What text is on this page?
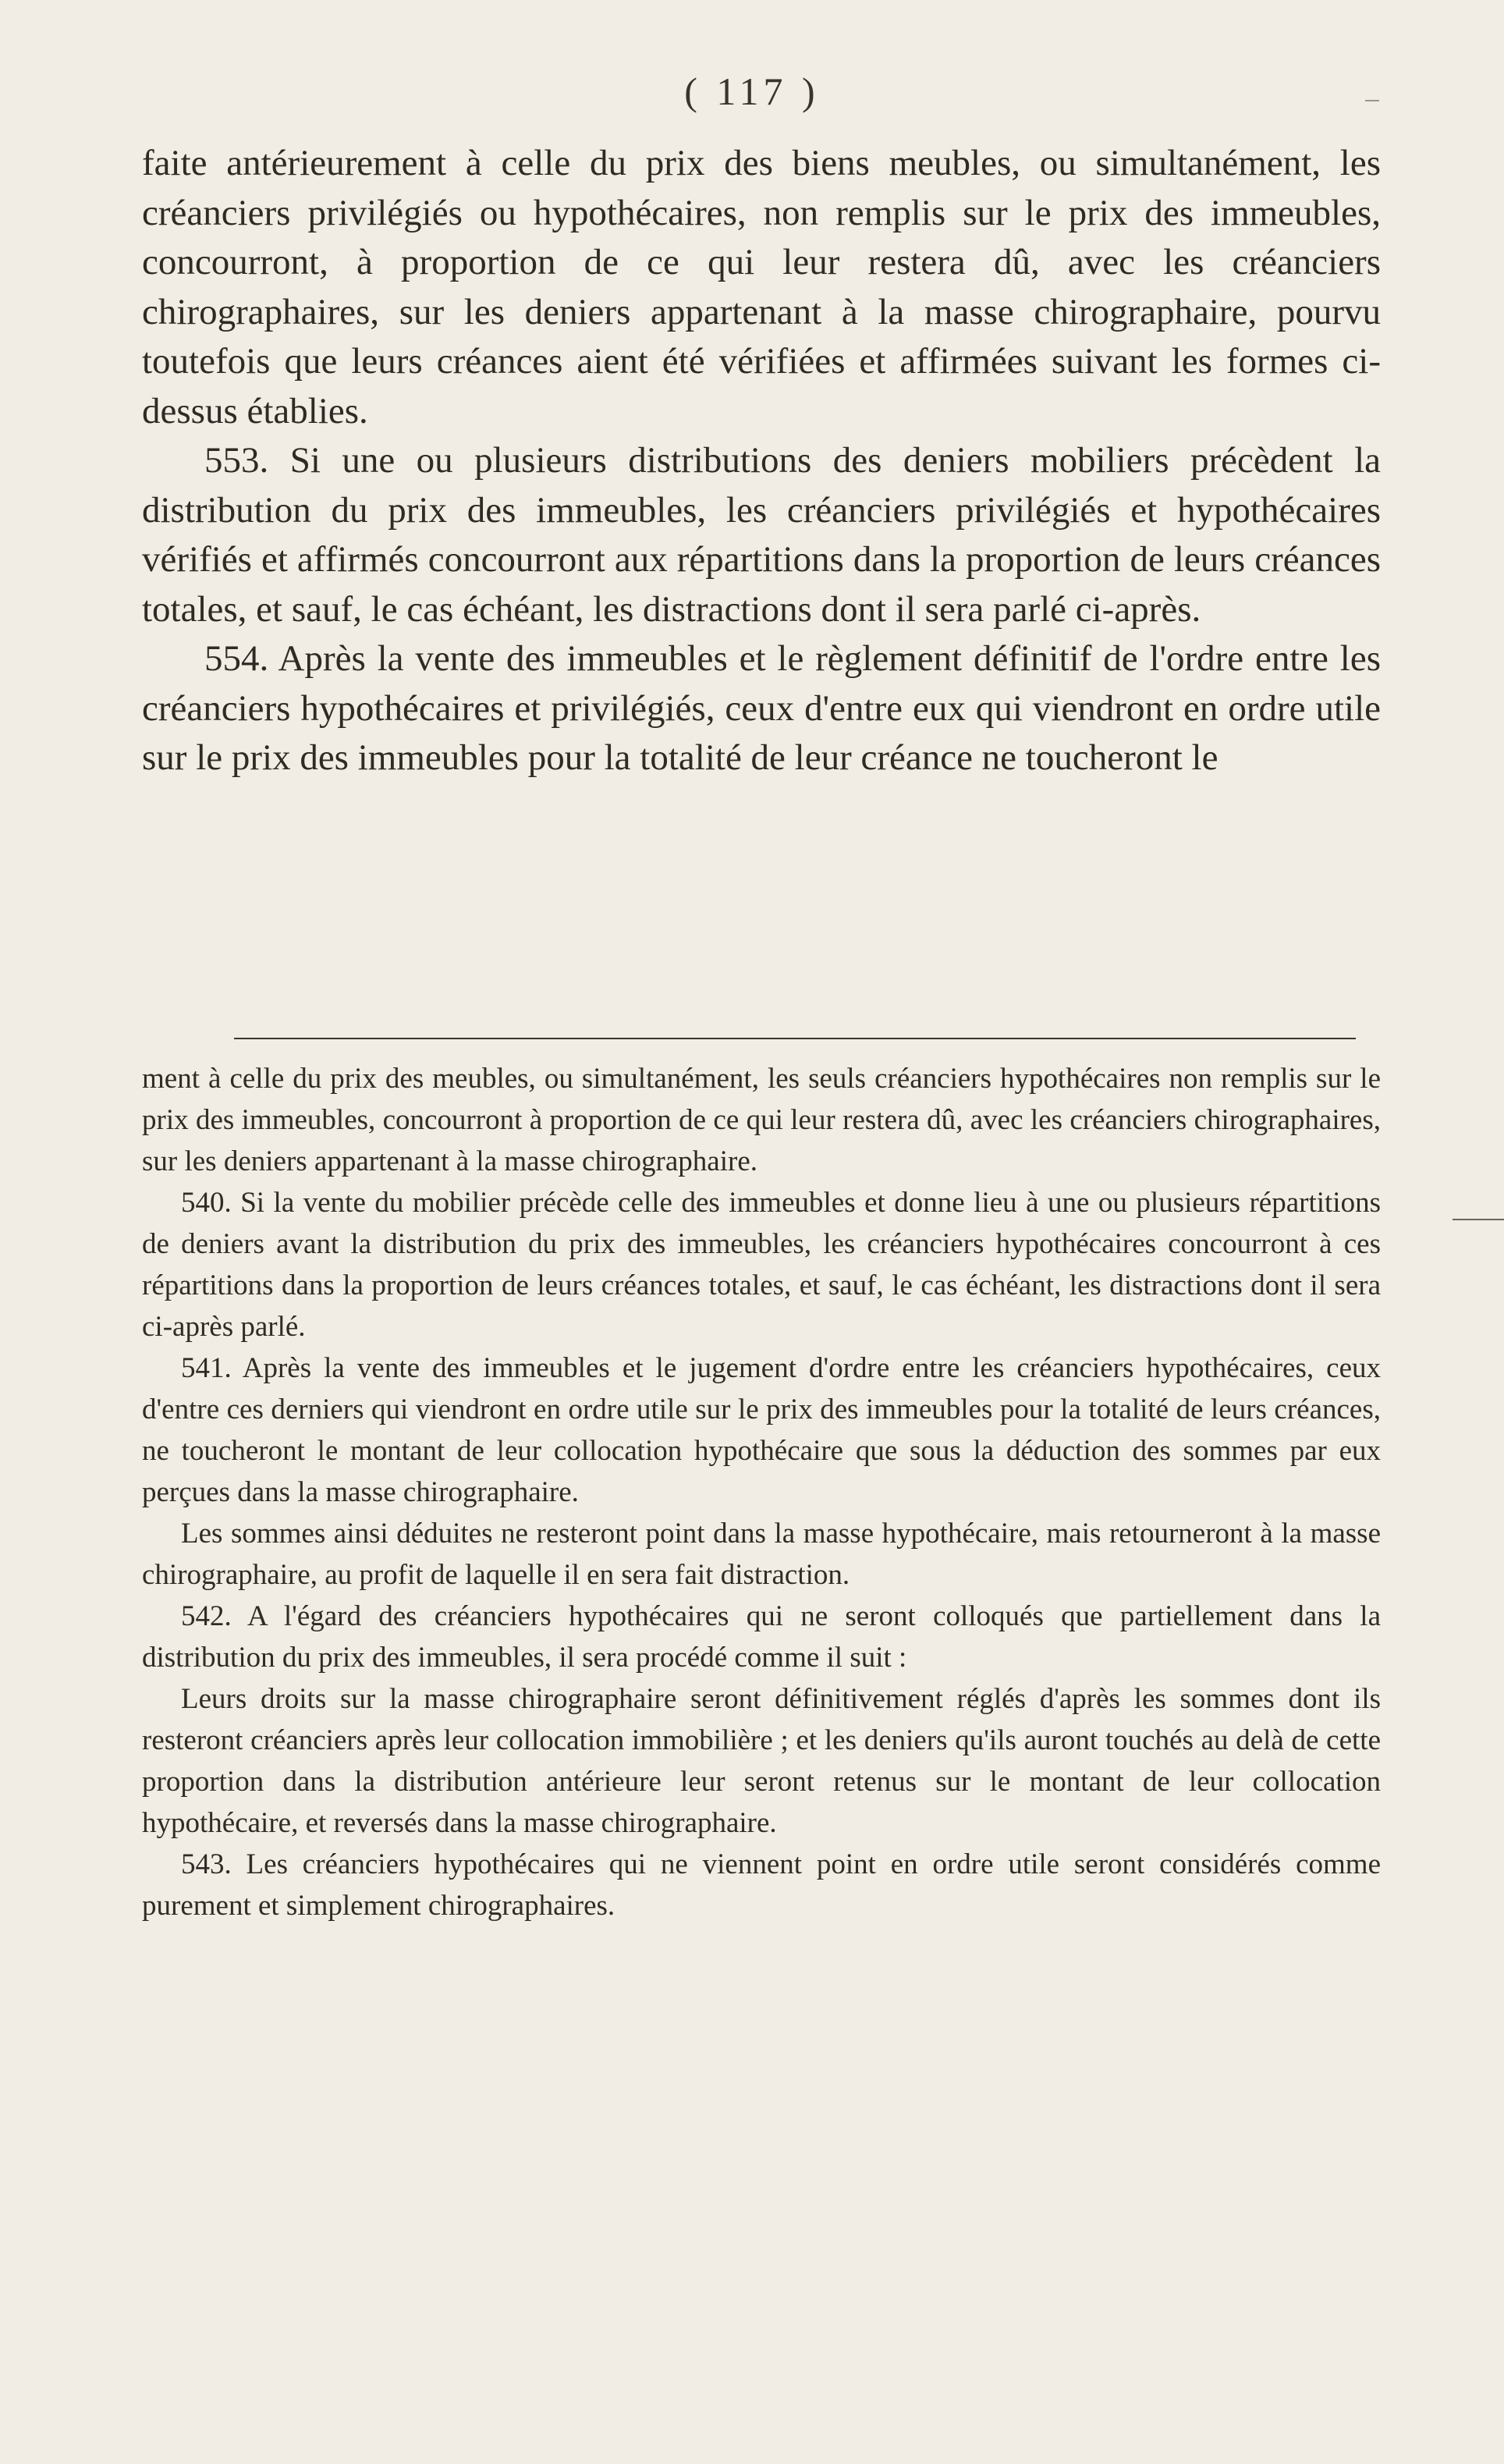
( 117 )

faite antérieurement à celle du prix des biens meubles, ou simultanément, les créanciers privilégiés ou hypothécaires, non remplis sur le prix des immeubles, concourront, à proportion de ce qui leur restera dû, avec les créanciers chirographaires, sur les deniers appartenant à la masse chirographaire, pourvu toutefois que leurs créances aient été vérifiées et affirmées suivant les formes ci-dessus établies.

553. Si une ou plusieurs distributions des deniers mobiliers précèdent la distribution du prix des immeubles, les créanciers privilégiés et hypothécaires vérifiés et affirmés concourront aux répartitions dans la proportion de leurs créances totales, et sauf, le cas échéant, les distractions dont il sera parlé ci-après.

554. Après la vente des immeubles et le règlement définitif de l'ordre entre les créanciers hypothécaires et privilégiés, ceux d'entre eux qui viendront en ordre utile sur le prix des immeubles pour la totalité de leur créance ne toucheront le

ment à celle du prix des meubles, ou simultanément, les seuls créanciers hypothécaires non remplis sur le prix des immeubles, concourront à proportion de ce qui leur restera dû, avec les créanciers chirographaires, sur les deniers appartenant à la masse chirographaire.

540. Si la vente du mobilier précède celle des immeubles et donne lieu à une ou plusieurs répartitions de deniers avant la distribution du prix des immeubles, les créanciers hypothécaires concourront à ces répartitions dans la proportion de leurs créances totales, et sauf, le cas échéant, les distractions dont il sera ci-après parlé.

541. Après la vente des immeubles et le jugement d'ordre entre les créanciers hypothécaires, ceux d'entre ces derniers qui viendront en ordre utile sur le prix des immeubles pour la totalité de leurs créances, ne toucheront le montant de leur collocation hypothécaire que sous la déduction des sommes par eux perçues dans la masse chirographaire.

Les sommes ainsi déduites ne resteront point dans la masse hypothécaire, mais retourneront à la masse chirographaire, au profit de laquelle il en sera fait distraction.

542. A l'égard des créanciers hypothécaires qui ne seront colloqués que partiellement dans la distribution du prix des immeubles, il sera procédé comme il suit :

Leurs droits sur la masse chirographaire seront définitivement réglés d'après les sommes dont ils resteront créanciers après leur collocation immobilière ; et les deniers qu'ils auront touchés au delà de cette proportion dans la distribution antérieure leur seront retenus sur le montant de leur collocation hypothécaire, et reversés dans la masse chirographaire.

543. Les créanciers hypothécaires qui ne viennent point en ordre utile seront considérés comme purement et simplement chirographaires.
